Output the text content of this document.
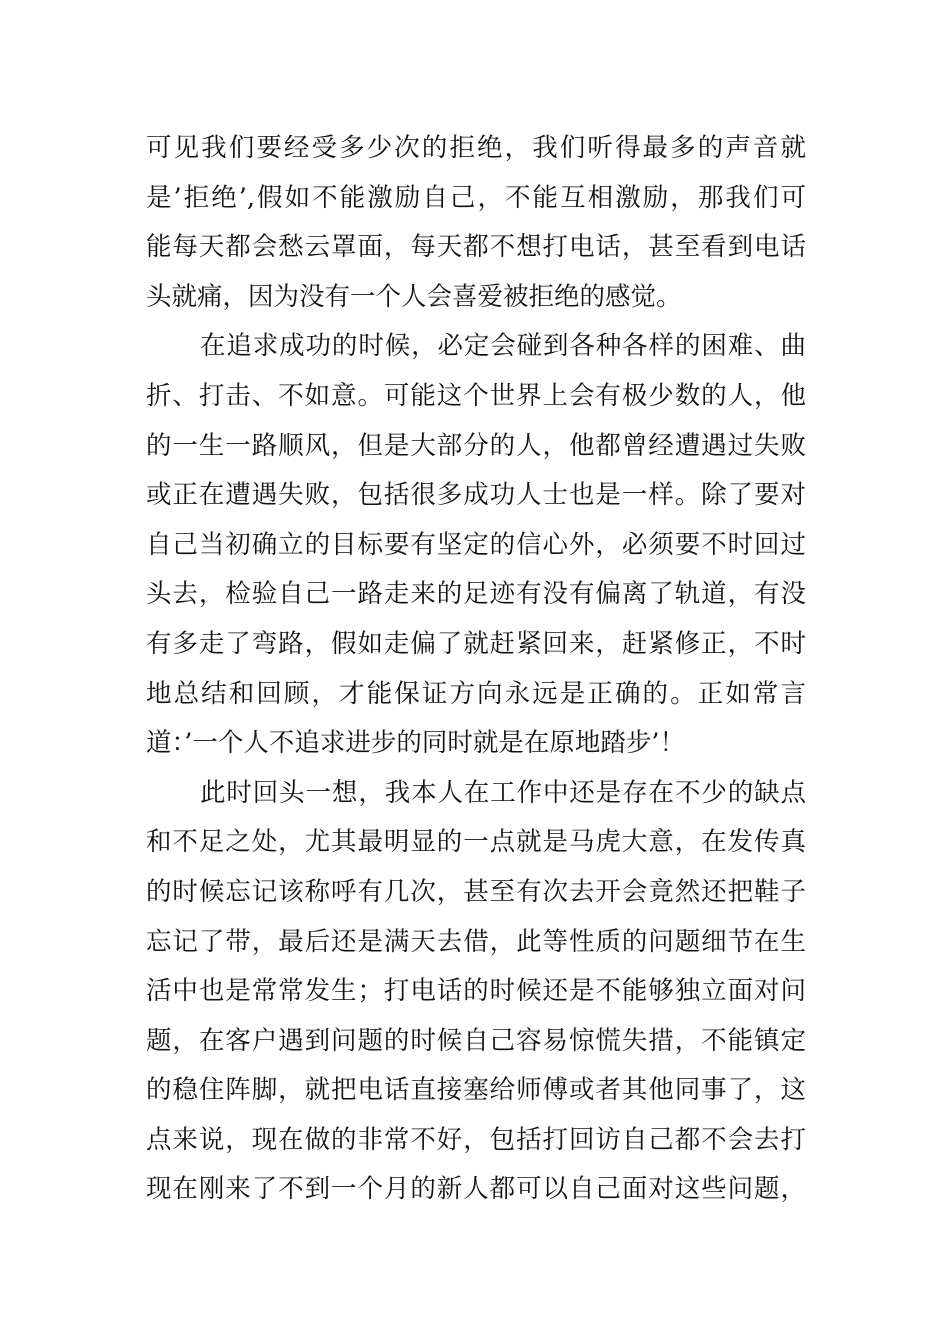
可见我们要经受多少次的拒绝，我们听得最多的声音就
是’拒绝’,假如不能激励自己，不能互相激励，那我们可
能每天都会愁云罩面，每天都不想打电话，甚至看到电话
头就痛，因为没有一个人会喜爱被拒绝的感觉。
在追求成功的时候，必定会碰到各种各样的困难、曲
折、打击、不如意。可能这个世界上会有极少数的人，他
的一生一路顺风，但是大部分的人，他都曾经遭遇过失败
或正在遭遇失败，包括很多成功人士也是一样。除了要对
自己当初确立的目标要有坚定的信心外，必须要不时回过
头去，检验自己一路走来的足迹有没有偏离了轨道，有没
有多走了弯路，假如走偏了就赶紧回来，赶紧修正，不时
地总结和回顾，才能保证方向永远是正确的。正如常言
道：’一个人不追求进步的同时就是在原地踏步’！
此时回头一想，我本人在工作中还是存在不少的缺点
和不足之处，尤其最明显的一点就是马虎大意，在发传真
的时候忘记该称呼有几次，甚至有次去开会竟然还把鞋子
忘记了带，最后还是满天去借，此等性质的问题细节在生
活中也是常常发生；打电话的时候还是不能够独立面对问
题，在客户遇到问题的时候自己容易惊慌失措，不能镇定
的稳住阵脚，就把电话直接塞给师傅或者其他同事了，这
点来说，现在做的非常不好，包括打回访自己都不会去打
现在刚来了不到一个月的新人都可以自己面对这些问题，
